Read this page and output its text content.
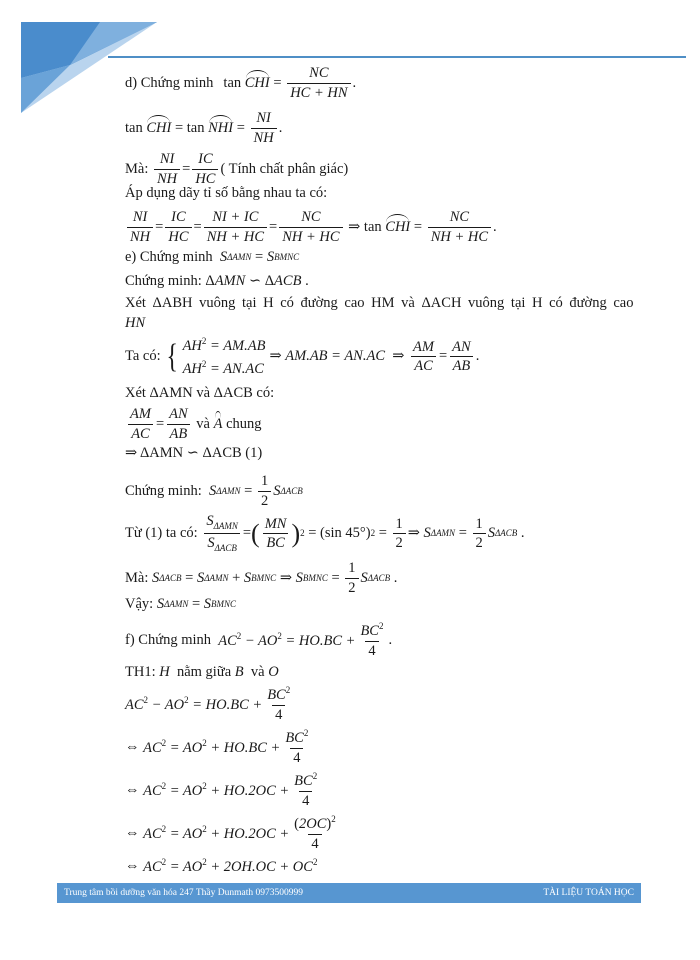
d) Chứng minh tan
CHI = $\frac{NC}{HC + HN}$ .
tan
CHI = tan NHI = $\frac{NI}{NH}$ .
Mà:
$\frac{NI}{NH} = \frac{IC}{HC}$ ( Tính chất phân giác)
Áp dụng dãy tỉ số bằng nhau ta có:
$\frac{NI}{NH} = \frac{IC}{HC} = \frac{NI + IC}{NH + HC} = \frac{NC}{NH + HC}$ ⇒ tan CHI = $\frac{NC}{NH + HC}$ .
e) Chứng minh
S ΔAMN = S BMNC
Chứng minh: Δ AMN ∽ Δ ACB .
Xét ΔABH vuông tại H có đường cao HM và ΔACH vuông tại H có đường cao
HN
Ta có:
{ $AH^2 = AM.AB$
$AH^2 = AN.AC$
⇒ AM.AB = AN.AC ⇒ $\frac{AM}{AC} = \frac{AN}{AB}$ .
Xét ΔAMN và ΔACB có:
$\frac{AM}{AC} = \frac{AN}{AB}$
và
A
chung
⇒ ΔAMN ∽ ΔACB (1)
Chứng minh:
S $\Delta AMN = \frac{1}{2}$ S ΔACB
Từ (1) ta có:
$\frac{S_{\Delta AMN}}{S_{\Delta ACB}}$ = ( $\frac{MN}{BC}$ ) 2 = (sin 45°) $2 = \frac{1}{2}$ ⇒ S $\Delta AMN = \frac{1}{2}$ S ΔACB .
Mà:
S ΔACB = S ΔAMN + S BMNC ⇒ S BMNC = $\frac{1}{2}$ S ΔACB .
Vậy:
S ΔAMN = S BMNC
f) Chứng minh
$AC^2 - AO^2 = HO.BC + \frac{BC^2}{4}$ .
TH1:
H
nằm giữa
B
và
O
$AC^2 - AO^2 = HO.BC + \frac{BC^2}{4}$
⇔ $AC^2 = AO^2 + HO.BC + \frac{BC^2}{4}$
⇔ $AC^2 = AO^2 + HO.2OC + \frac{BC^2}{4}$
⇔ $AC^2 = AO^2 + HO.2OC + \frac{(2OC)^2}{4}$
⇔ $AC^2 = AO^2 + 2OH.OC + OC^2$
Trung tâm bồi dưỡng văn hóa 247 Thầy Dunmath 0973500999	TÀI LIỆU TOÁN HỌC
